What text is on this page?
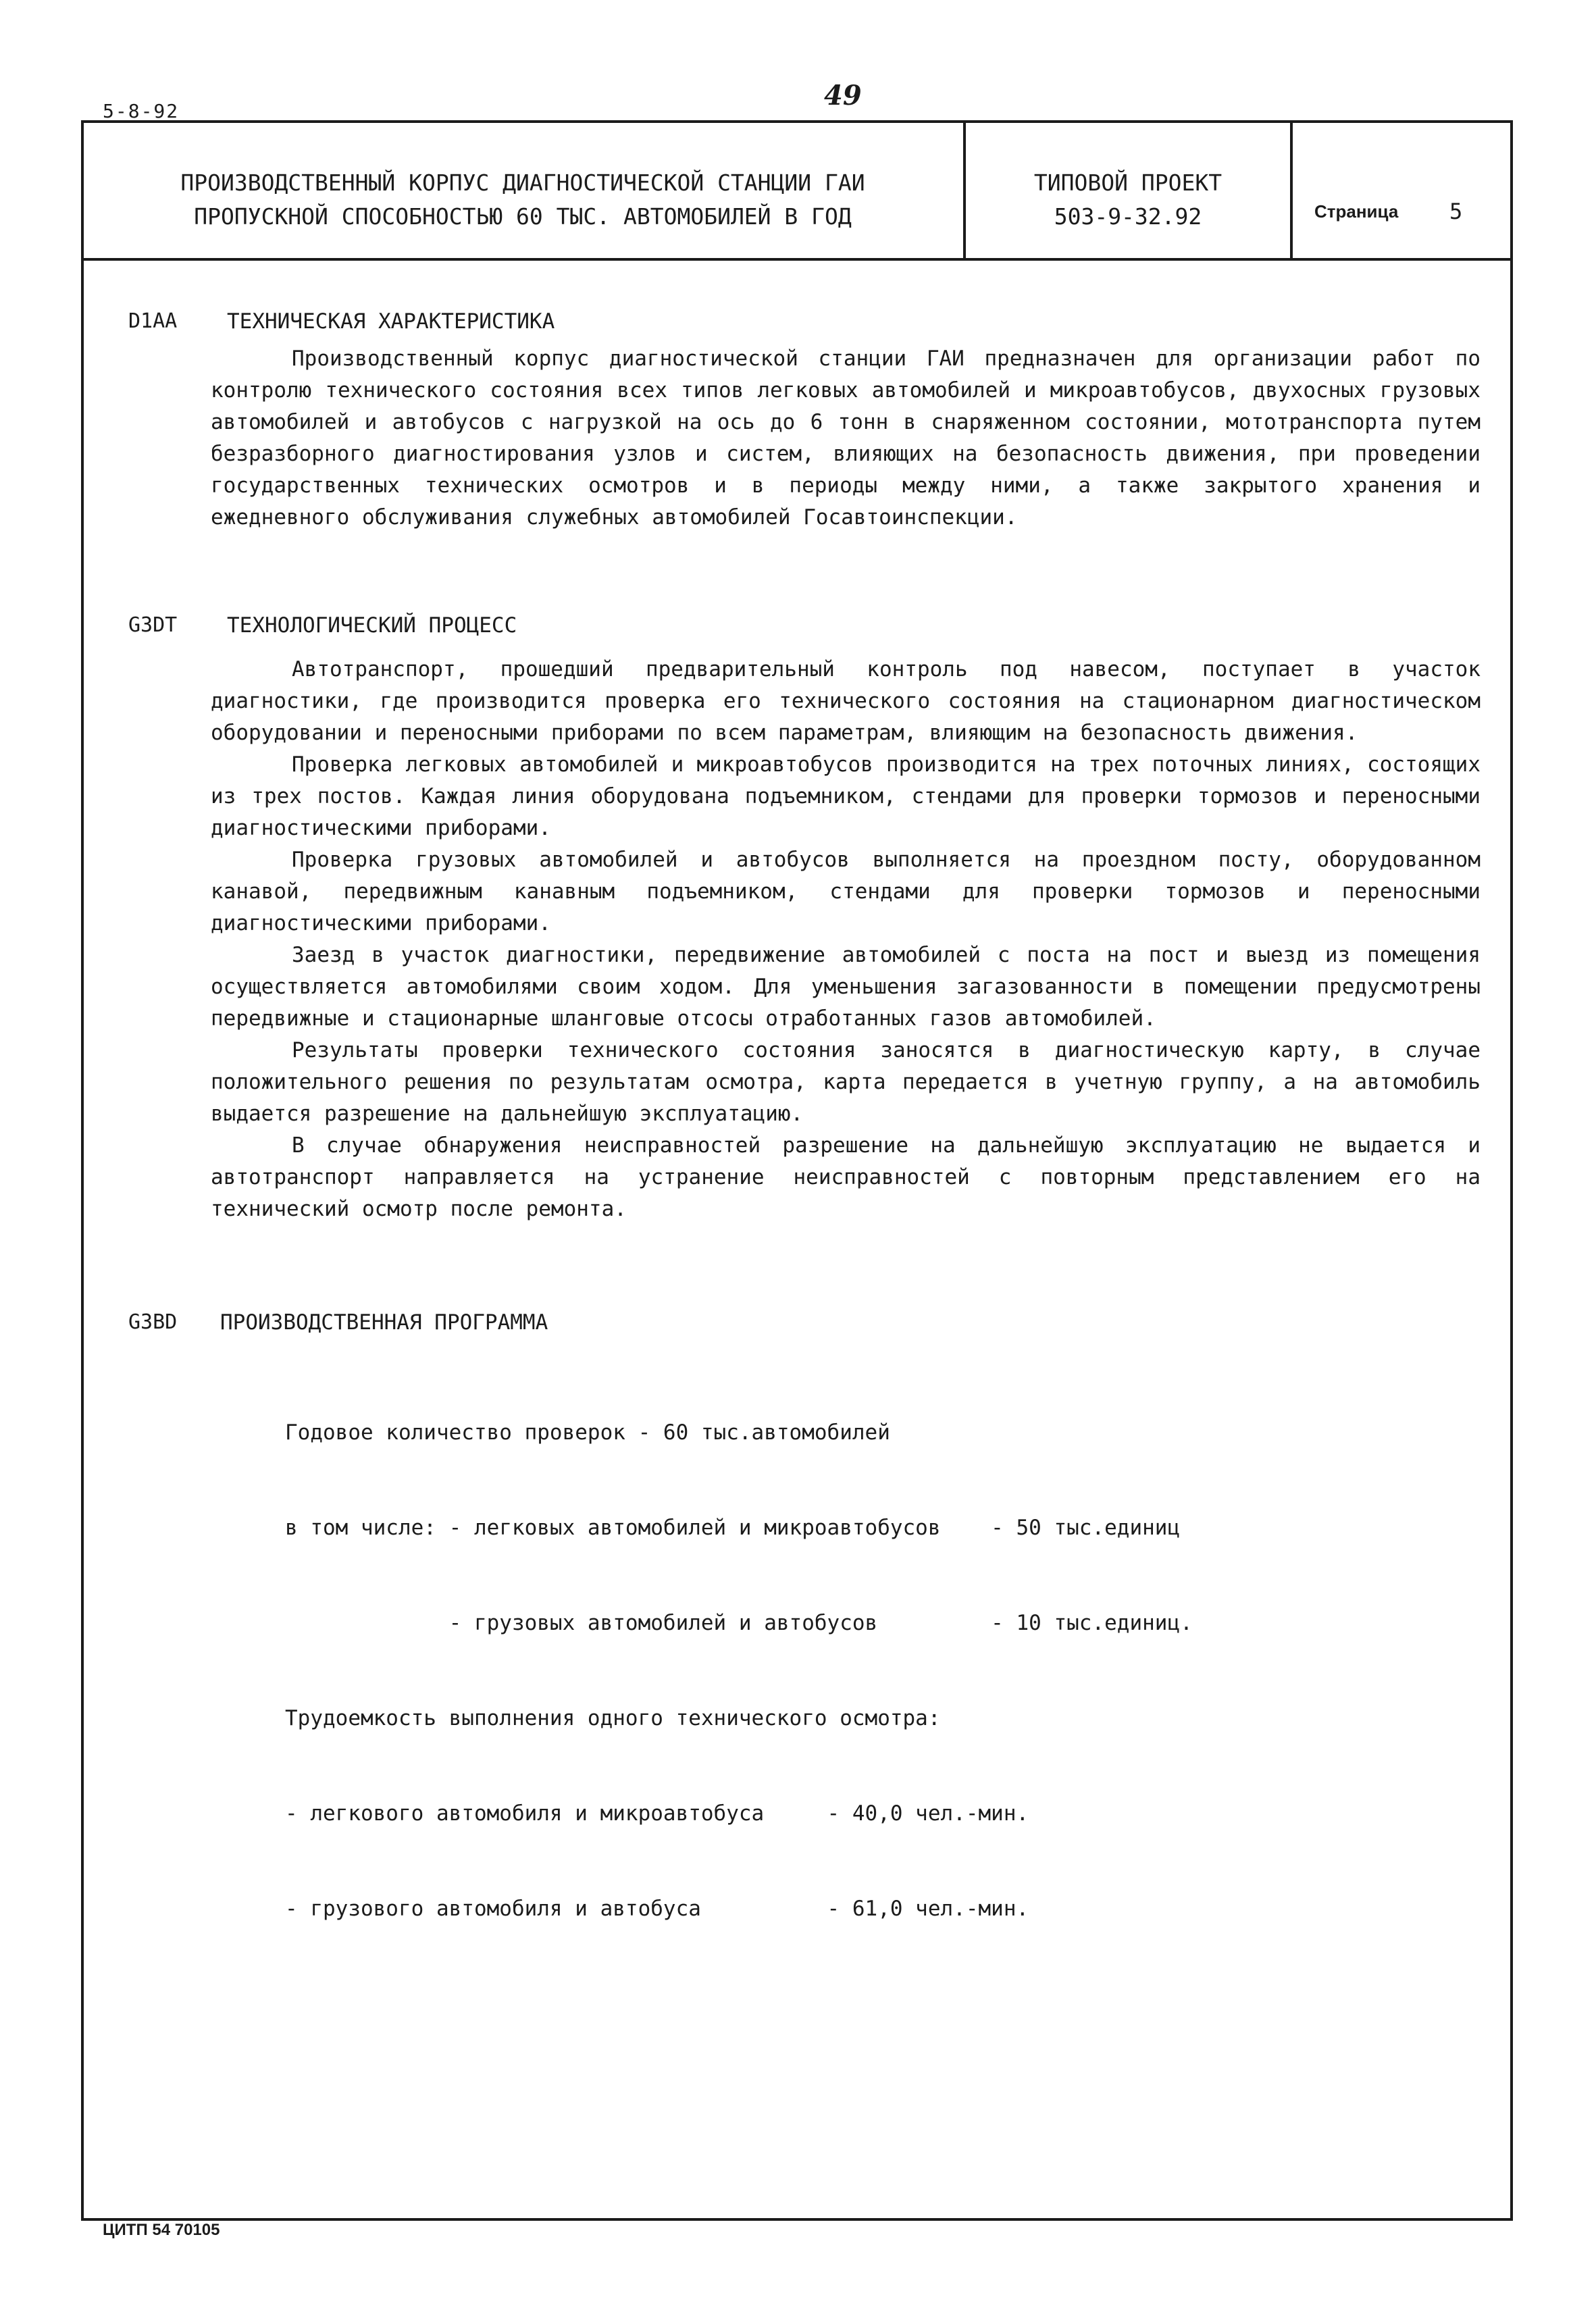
49
5-8-92
ПРОИЗВОДСТВЕННЫЙ КОРПУС ДИАГНОСТИЧЕСКОЙ СТАНЦИИ ГАИ
ПРОПУСКНОЙ СПОСОБНОСТЬЮ 60 ТЫС. АВТОМОБИЛЕЙ В ГОД
ТИПОВОЙ ПРОЕКТ
503-9-32.92	Страница 5
D1AA ТЕХНИЧЕСКАЯ ХАРАКТЕРИСТИКА

Производственный корпус диагностической станции ГАИ предназначен для организации работ по контролю технического состояния всех типов легковых автомобилей и микроавтобусов, двухосных грузовых автомобилей и автобусов с нагрузкой на ось до 6 тонн в снаряженном состоянии, мототранспорта путем безразборного диагностирования узлов и систем, влияющих на безопасность движения, при проведении государственных технических осмотров и в периоды между ними, а также закрытого хранения и ежедневного обслуживания служебных автомобилей Госавтоинспекции.

G3DT ТЕХНОЛОГИЧЕСКИЙ ПРОЦЕСС

Автотранспорт, прошедший предварительный контроль под навесом, поступает в участок диагностики, где производится проверка его технического состояния на стационарном диагностическом оборудовании и переносными приборами по всем параметрам, влияющим на безопасность движения.

Проверка легковых автомобилей и микроавтобусов производится на трех поточных линиях, состоящих из трех постов. Каждая линия оборудована подъемником, стендами для проверки тормозов и переносными диагностическими приборами.

Проверка грузовых автомобилей и автобусов выполняется на проездном посту, оборудованном канавой, передвижным канавным подъемником, стендами для проверки тормозов и переносными диагностическими приборами.

Заезд в участок диагностики, передвижение автомобилей с поста на пост и выезд из помещения осуществляется автомобилями своим ходом. Для уменьшения загазованности в помещении предусмотрены передвижные и стационарные шланговые отсосы отработанных газов автомобилей.

Результаты проверки технического состояния заносятся в диагностическую карту, в случае положительного решения по результатам осмотра, карта передается в учетную группу, а на автомобиль выдается разрешение на дальнейшую эксплуатацию.

В случае обнаружения неисправностей разрешение на дальнейшую эксплуатацию не выдается и автотранспорт направляется на устранение неисправностей с повторным представлением его на технический осмотр после ремонта.

G3BD ПРОИЗВОДСТВЕННАЯ ПРОГРАММА

Годовое количество проверок - 60 тыс.автомобилей

в том числе: - легковых автомобилей и микроавтобусов    - 50 тыс.единиц

- грузовых автомобилей и автобусов         - 10 тыс.единиц.

Трудоемкость выполнения одного технического осмотра:

- легкового автомобиля и микроавтобуса     - 40,0 чел.-мин.

- грузового автомобиля и автобуса          - 61,0 чел.-мин.

ЦИТП 54 70105
